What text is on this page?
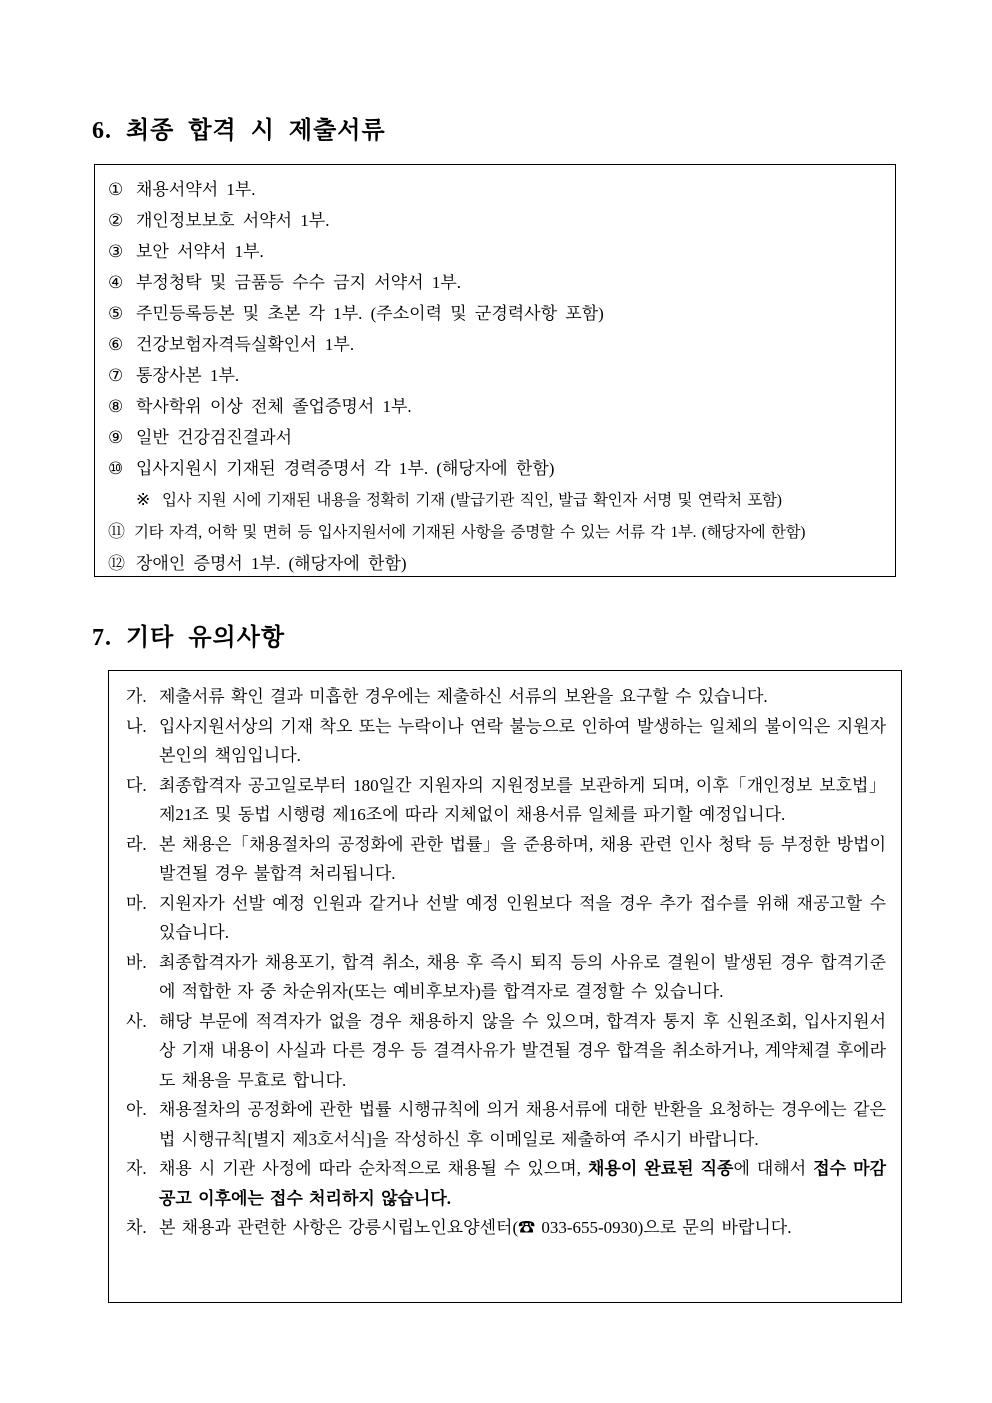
6. 최종 합격 시 제출서류
① 채용서약서 1부.
② 개인정보보호 서약서 1부.
③ 보안 서약서 1부.
④ 부정청탁 및 금품등 수수 금지 서약서 1부.
⑤ 주민등록등본 및 초본 각 1부. (주소이력 및 군경력사항 포함)
⑥ 건강보험자격득실확인서 1부.
⑦ 통장사본 1부.
⑧ 학사학위 이상 전체 졸업증명서 1부.
⑨ 일반 건강검진결과서
⑩ 입사지원시 기재된 경력증명서 각 1부. (해당자에 한함)
※ 입사 지원 시에 기재된 내용을 정확히 기재 (발급기관 직인, 발급 확인자 서명 및 연락처 포함)
⑪ 기타 자격, 어학 및 면허 등 입사지원서에 기재된 사항을 증명할 수 있는 서류 각 1부. (해당자에 한함)
⑫ 장애인 증명서 1부. (해당자에 한함)
7. 기타 유의사항
가. 제출서류 확인 결과 미흡한 경우에는 제출하신 서류의 보완을 요구할 수 있습니다.
나. 입사지원서상의 기재 착오 또는 누락이나 연락 불능으로 인하여 발생하는 일체의 불이익은 지원자 본인의 책임입니다.
다. 최종합격자 공고일로부터 180일간 지원자의 지원정보를 보관하게 되며, 이후「개인정보 보호법」제21조 및 동법 시행령 제16조에 따라 지체없이 채용서류 일체를 파기할 예정입니다.
라. 본 채용은「채용절차의 공정화에 관한 법률」을 준용하며, 채용 관련 인사 청탁 등 부정한 방법이 발견될 경우 불합격 처리됩니다.
마. 지원자가 선발 예정 인원과 같거나 선발 예정 인원보다 적을 경우 추가 접수를 위해 재공고할 수 있습니다.
바. 최종합격자가 채용포기, 합격 취소, 채용 후 즉시 퇴직 등의 사유로 결원이 발생된 경우 합격기준에 적합한 자 중 차순위자(또는 예비후보자)를 합격자로 결정할 수 있습니다.
사. 해당 부문에 적격자가 없을 경우 채용하지 않을 수 있으며, 합격자 통지 후 신원조회, 입사지원서상 기재 내용이 사실과 다른 경우 등 결격사유가 발견될 경우 합격을 취소하거나, 계약체결 후에라도 채용을 무효로 합니다.
아. 채용절차의 공정화에 관한 법률 시행규칙에 의거 채용서류에 대한 반환을 요청하는 경우에는 같은 법 시행규칙[별지 제3호서식]을 작성하신 후 이메일로 제출하여 주시기 바랍니다.
자. 채용 시 기관 사정에 따라 순차적으로 채용될 수 있으며, 채용이 완료된 직종에 대해서 접수 마감 공고 이후에는 접수 처리하지 않습니다.
차. 본 채용과 관련한 사항은 강릉시립노인요양센터(☎ 033-655-0930)으로 문의 바랍니다.
